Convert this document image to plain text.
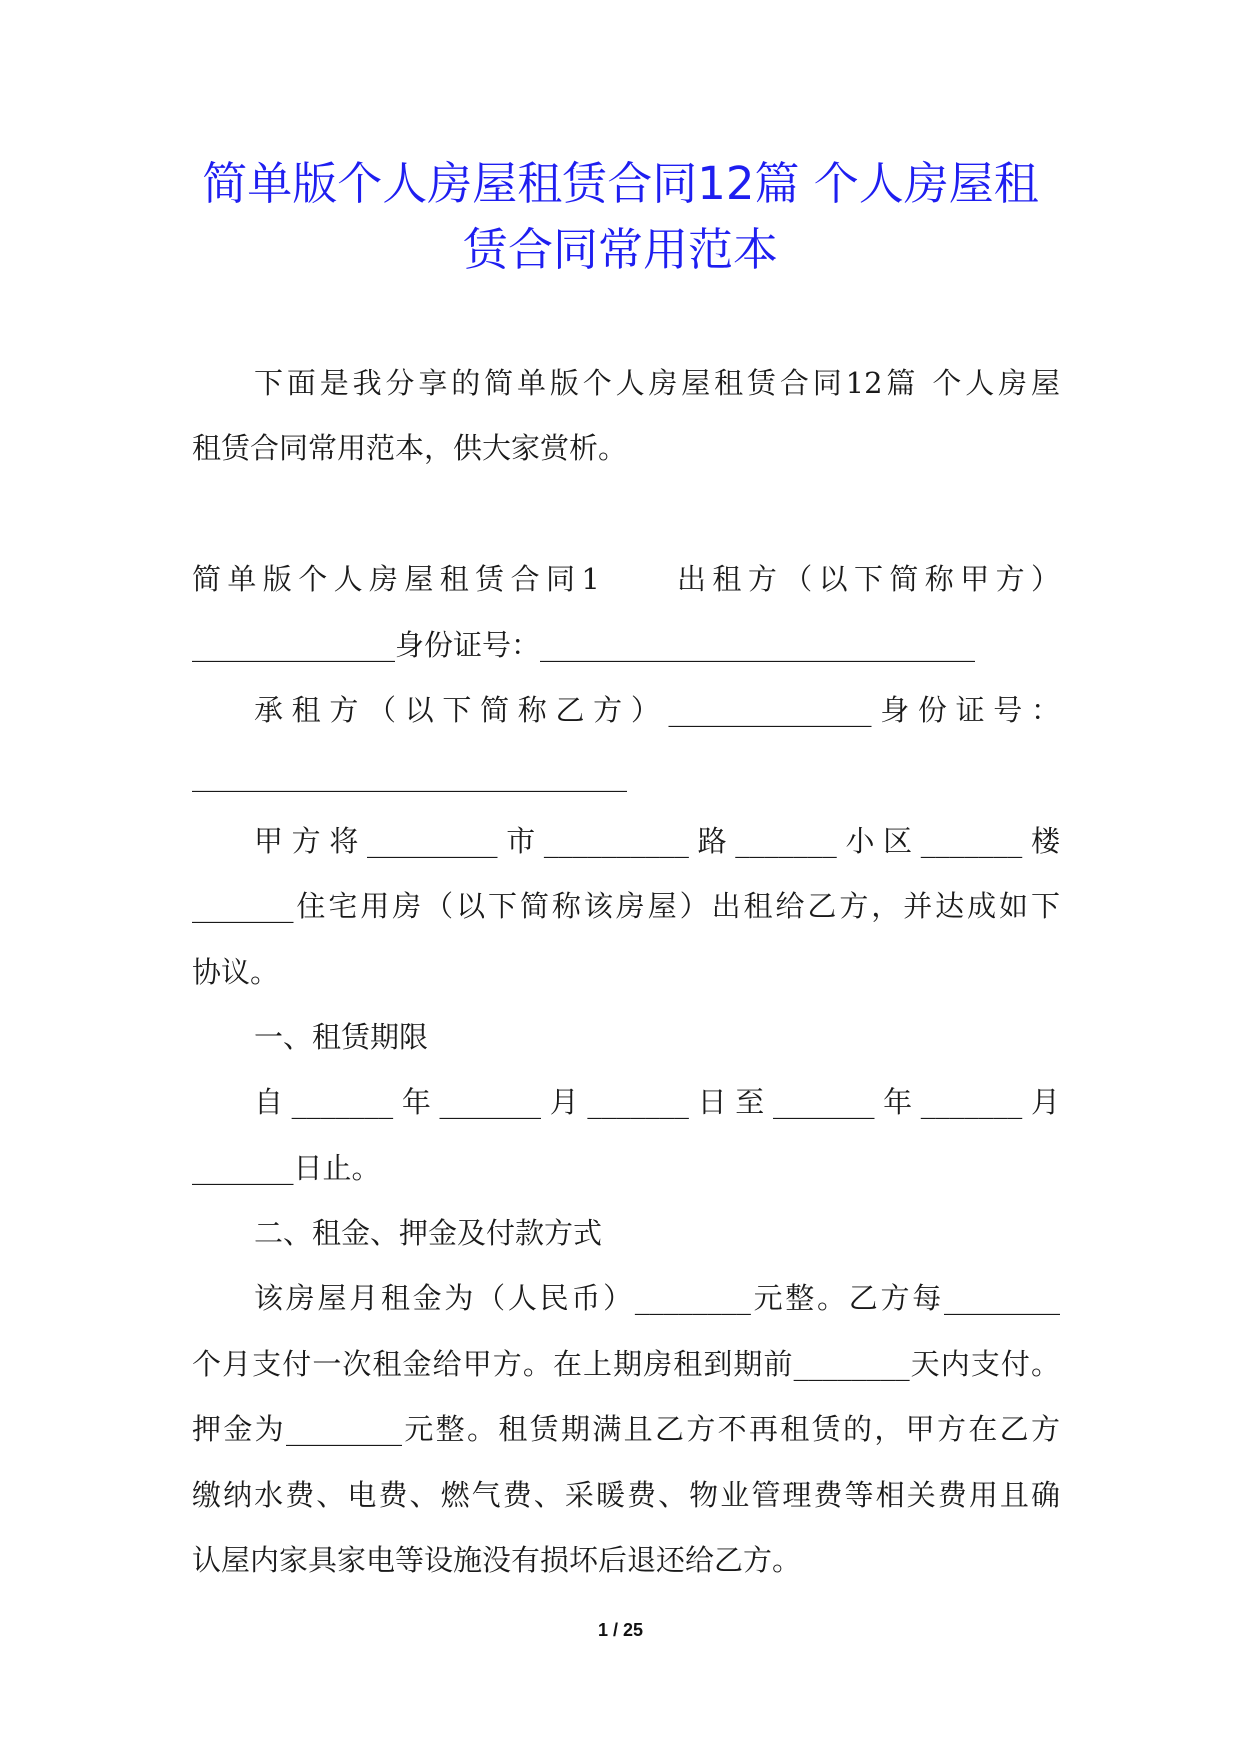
简单版个人房屋租赁合同12篇 个人房屋租
赁合同常用范本
下面是我分享的简单版个人房屋租赁合同12篇 个人房屋
租赁合同常用范本，供大家赏析。
简单版个人房屋租赁合同1　　出租方（以下简称甲方）
______________身份证号：______________________________
承租方（以下简称乙方）______________身份证号：
______________________________
甲方将_________市__________路_______小区_______楼
_______住宅用房（以下简称该房屋）出租给乙方，并达成如下
协议。
一、租赁期限
自_______年_______月_______日至_______年_______月
_______日止。
二、租金、押金及付款方式
该房屋月租金为（人民币）________元整。乙方每________
个月支付一次租金给甲方。在上期房租到期前________天内支付。
押金为________元整。租赁期满且乙方不再租赁的，甲方在乙方
缴纳水费、电费、燃气费、采暖费、物业管理费等相关费用且确
认屋内家具家电等设施没有损坏后退还给乙方。
1 / 25
